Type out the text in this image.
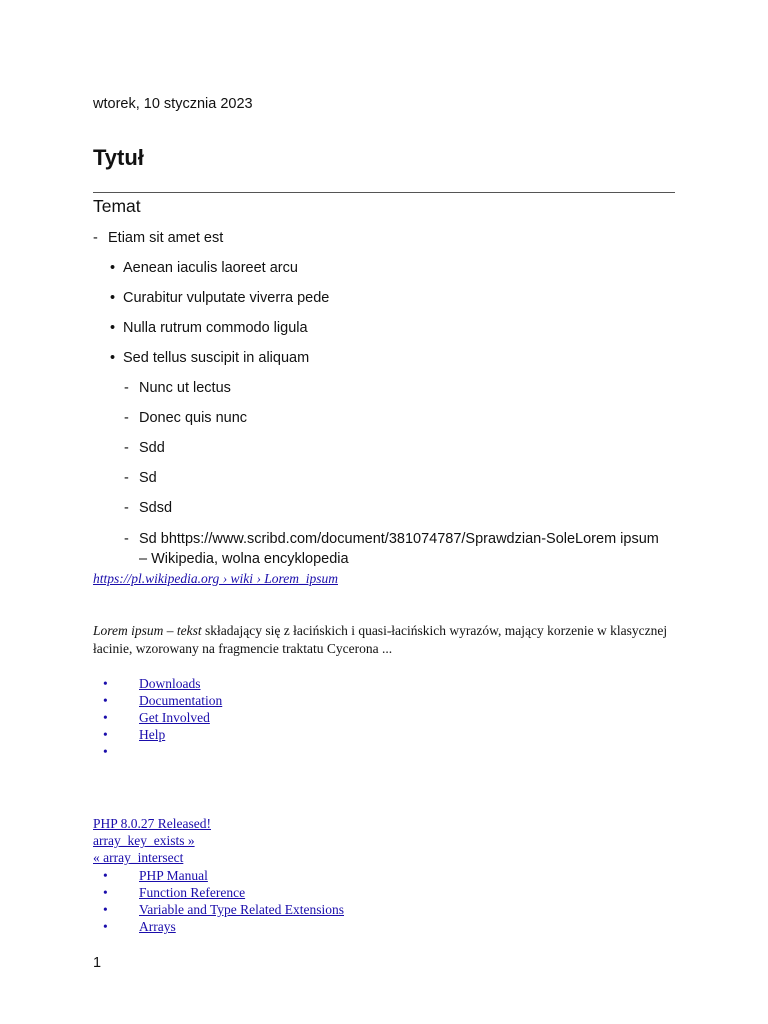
wtorek, 10 stycznia 2023
Tytuł
Temat
- Etiam sit amet est
• Aenean iaculis laoreet arcu
• Curabitur vulputate viverra pede
• Nulla rutrum commodo ligula
• Sed tellus suscipit in aliquam
- Nunc ut lectus
- Donec quis nunc
- Sdd
- Sd
- Sdsd
- Sd bhttps://www.scribd.com/document/381074787/Sprawdzian-SoleLorem ipsum – Wikipedia, wolna encyklopedia
https://pl.wikipedia.org › wiki › Lorem_ipsum
Lorem ipsum – tekst składający się z łacińskich i quasi-łacińskich wyrazów, mający korzenie w klasycznej łacinie, wzorowany na fragmencie traktatu Cycerona ...
• Downloads
• Documentation
• Get Involved
• Help
•
PHP 8.0.27 Released!
array_key_exists »
« array_intersect
• PHP Manual
• Function Reference
• Variable and Type Related Extensions
• Arrays
1
